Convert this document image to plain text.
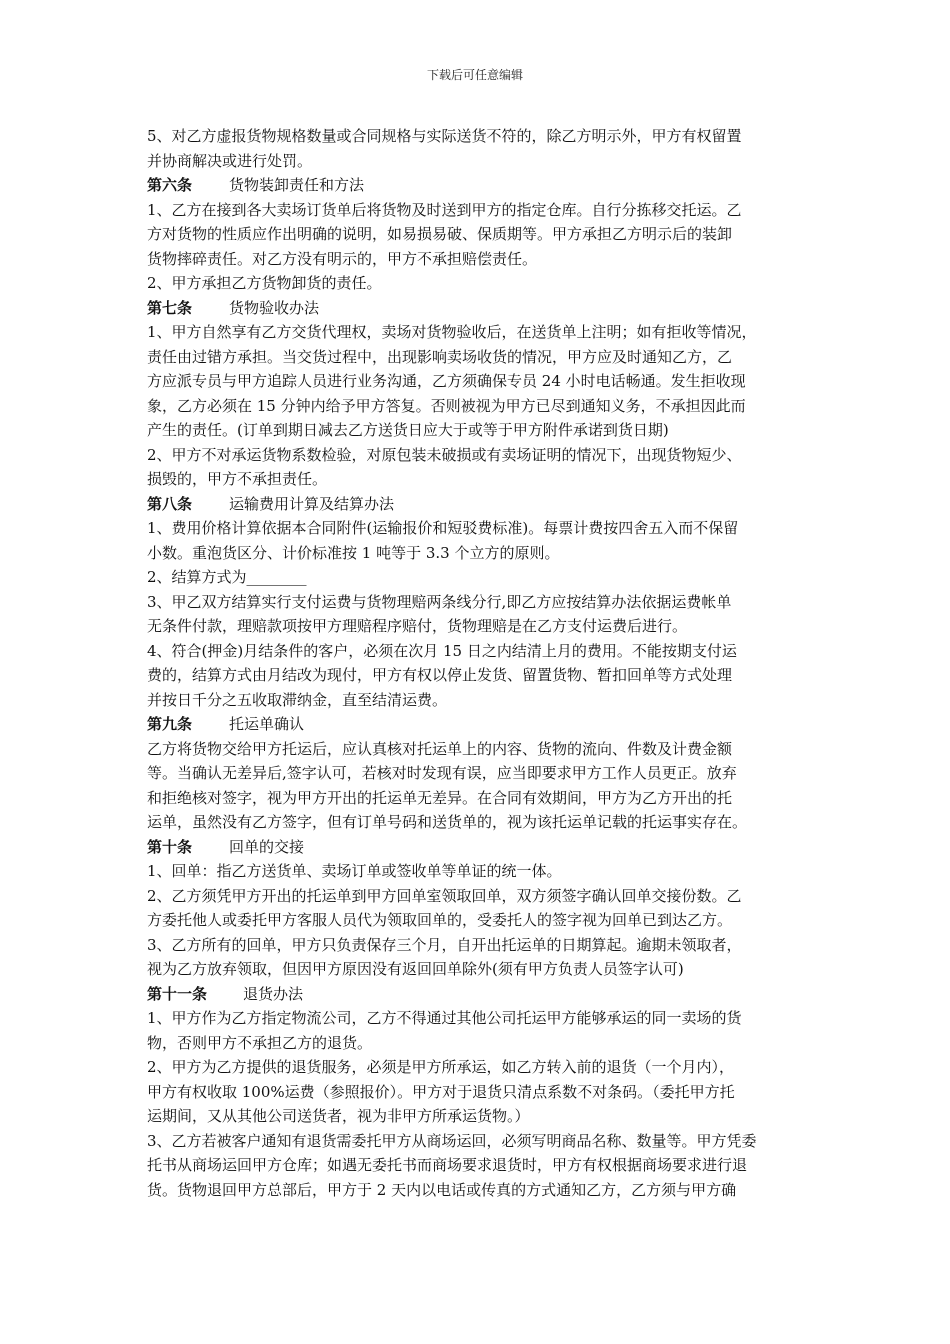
下载后可任意编辑
5、对乙方虚报货物规格数量或合同规格与实际送货不符的，除乙方明示外，甲方有权留置
并协商解决或进行处罚。
第六条 货物装卸责任和方法
1、乙方在接到各大卖场订货单后将货物及时送到甲方的指定仓库。自行分拣移交托运。乙
方对货物的性质应作出明确的说明，如易损易破、保质期等。甲方承担乙方明示后的装卸
货物摔碎责任。对乙方没有明示的，甲方不承担赔偿责任。
2、甲方承担乙方货物卸货的责任。
第七条 货物验收办法
1、甲方自然享有乙方交货代理权，卖场对货物验收后，在送货单上注明；如有拒收等情况，
责任由过错方承担。当交货过程中，出现影响卖场收货的情况，甲方应及时通知乙方，乙
方应派专员与甲方追踪人员进行业务沟通，乙方须确保专员 24 小时电话畅通。发生拒收现
象，乙方必须在 15 分钟内给予甲方答复。否则被视为甲方已尽到通知义务，不承担因此而
产生的责任。(订单到期日减去乙方送货日应大于或等于甲方附件承诺到货日期)
2、甲方不对承运货物系数检验，对原包装未破损或有卖场证明的情况下，出现货物短少、
损毁的，甲方不承担责任。
第八条 运输费用计算及结算办法
1、费用价格计算依据本合同附件(运输报价和短驳费标准)。每票计费按四舍五入而不保留
小数。重泡货区分、计价标准按 1 吨等于 3.3 个立方的原则。
2、结算方式为________
3、甲乙双方结算实行支付运费与货物理赔两条线分行,即乙方应按结算办法依据运费帐单
无条件付款，理赔款项按甲方理赔程序赔付，货物理赔是在乙方支付运费后进行。
4、符合(押金)月结条件的客户，必须在次月 15 日之内结清上月的费用。不能按期支付运
费的，结算方式由月结改为现付，甲方有权以停止发货、留置货物、暂扣回单等方式处理
并按日千分之五收取滞纳金，直至结清运费。
第九条 托运单确认
乙方将货物交给甲方托运后，应认真核对托运单上的内容、货物的流向、件数及计费金额
等。当确认无差异后,签字认可，若核对时发现有误，应当即要求甲方工作人员更正。放弃
和拒绝核对签字，视为甲方开出的托运单无差异。在合同有效期间，甲方为乙方开出的托
运单，虽然没有乙方签字，但有订单号码和送货单的，视为该托运单记载的托运事实存在。
第十条 回单的交接
1、回单：指乙方送货单、卖场订单或签收单等单证的统一体。
2、乙方须凭甲方开出的托运单到甲方回单室领取回单，双方须签字确认回单交接份数。乙
方委托他人或委托甲方客服人员代为领取回单的，受委托人的签字视为回单已到达乙方。
3、乙方所有的回单，甲方只负责保存三个月，自开出托运单的日期算起。逾期未领取者，
视为乙方放弃领取，但因甲方原因没有返回回单除外(须有甲方负责人员签字认可)
第十一条 退货办法
1、甲方作为乙方指定物流公司，乙方不得通过其他公司托运甲方能够承运的同一卖场的货
物，否则甲方不承担乙方的退货。
2、甲方为乙方提供的退货服务，必须是甲方所承运，如乙方转入前的退货（一个月内），
甲方有权收取 100%运费（参照报价）。甲方对于退货只清点系数不对条码。（委托甲方托
运期间，又从其他公司送货者，视为非甲方所承运货物。）
3、乙方若被客户通知有退货需委托甲方从商场运回，必须写明商品名称、数量等。甲方凭委
托书从商场运回甲方仓库；如遇无委托书而商场要求退货时，甲方有权根据商场要求进行退
货。货物退回甲方总部后，甲方于 2 天内以电话或传真的方式通知乙方，乙方须与甲方确
